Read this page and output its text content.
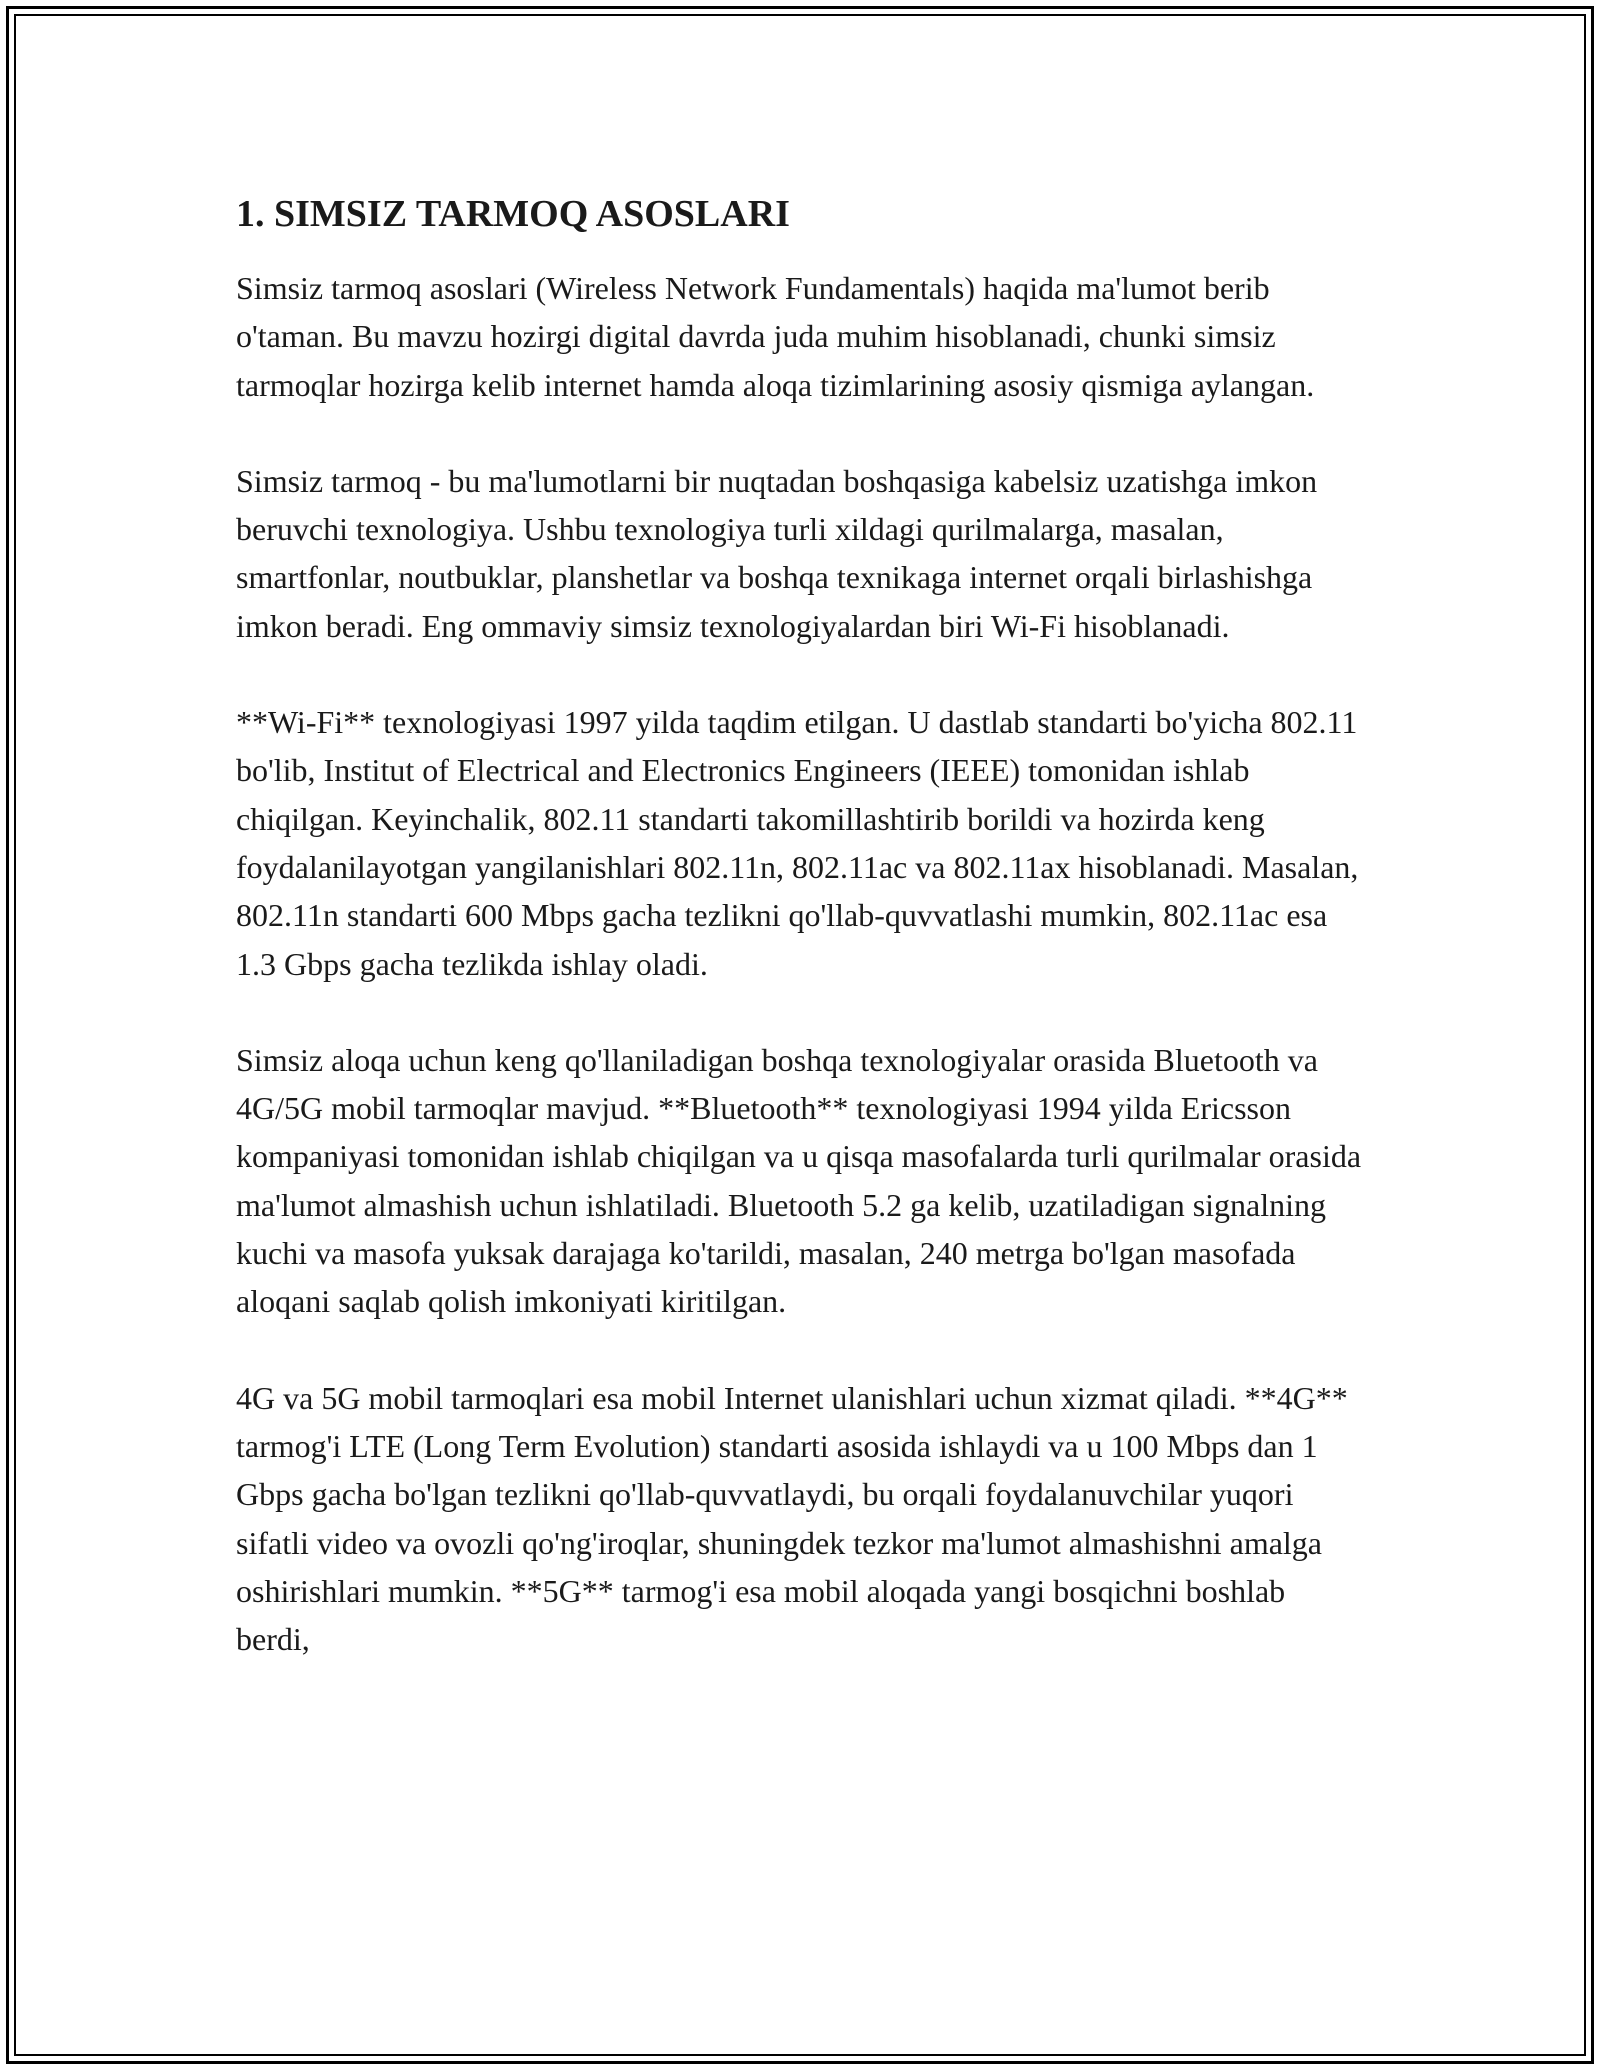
1. SIMSIZ TARMOQ ASOSLARI

Simsiz tarmoq asoslari (Wireless Network Fundamentals) haqida ma'lumot berib o'taman. Bu mavzu hozirgi digital davrda juda muhim hisoblanadi, chunki simsiz tarmoqlar hozirga kelib internet hamda aloqa tizimlarining asosiy qismiga aylangan.

Simsiz tarmoq - bu ma'lumotlarni bir nuqtadan boshqasiga kabelsiz uzatishga imkon beruvchi texnologiya. Ushbu texnologiya turli xildagi qurilmalarga, masalan, smartfonlar, noutbuklar, planshetlar va boshqa texnikaga internet orqali birlashishga imkon beradi. Eng ommaviy simsiz texnologiyalardan biri Wi-Fi hisoblanadi.

**Wi-Fi** texnologiyasi 1997 yilda taqdim etilgan. U dastlab standarti bo'yicha 802.11 bo'lib, Institut of Electrical and Electronics Engineers (IEEE) tomonidan ishlab chiqilgan. Keyinchalik, 802.11 standarti takomillashtirib borildi va hozirda keng foydalanilayotgan yangilanishlari 802.11n, 802.11ac va 802.11ax hisoblanadi. Masalan, 802.11n standarti 600 Mbps gacha tezlikni qo'llab-quvvatlashi mumkin, 802.11ac esa 1.3 Gbps gacha tezlikda ishlay oladi.

Simsiz aloqa uchun keng qo'llaniladigan boshqa texnologiyalar orasida Bluetooth va 4G/5G mobil tarmoqlar mavjud. **Bluetooth** texnologiyasi 1994 yilda Ericsson kompaniyasi tomonidan ishlab chiqilgan va u qisqa masofalarda turli qurilmalar orasida ma'lumot almashish uchun ishlatiladi. Bluetooth 5.2 ga kelib, uzatiladigan signalning kuchi va masofa yuksak darajaga ko'tarildi, masalan, 240 metrga bo'lgan masofada aloqani saqlab qolish imkoniyati kiritilgan.

4G va 5G mobil tarmoqlari esa mobil Internet ulanishlari uchun xizmat qiladi. **4G** tarmog'i LTE (Long Term Evolution) standarti asosida ishlaydi va u 100 Mbps dan 1 Gbps gacha bo'lgan tezlikni qo'llab-quvvatlaydi, bu orqali foydalanuvchilar yuqori sifatli video va ovozli qo'ng'iroqlar, shuningdek tezkor ma'lumot almashishni amalga oshirishlari mumkin. **5G** tarmog'i esa mobil aloqada yangi bosqichni boshlab berdi,
